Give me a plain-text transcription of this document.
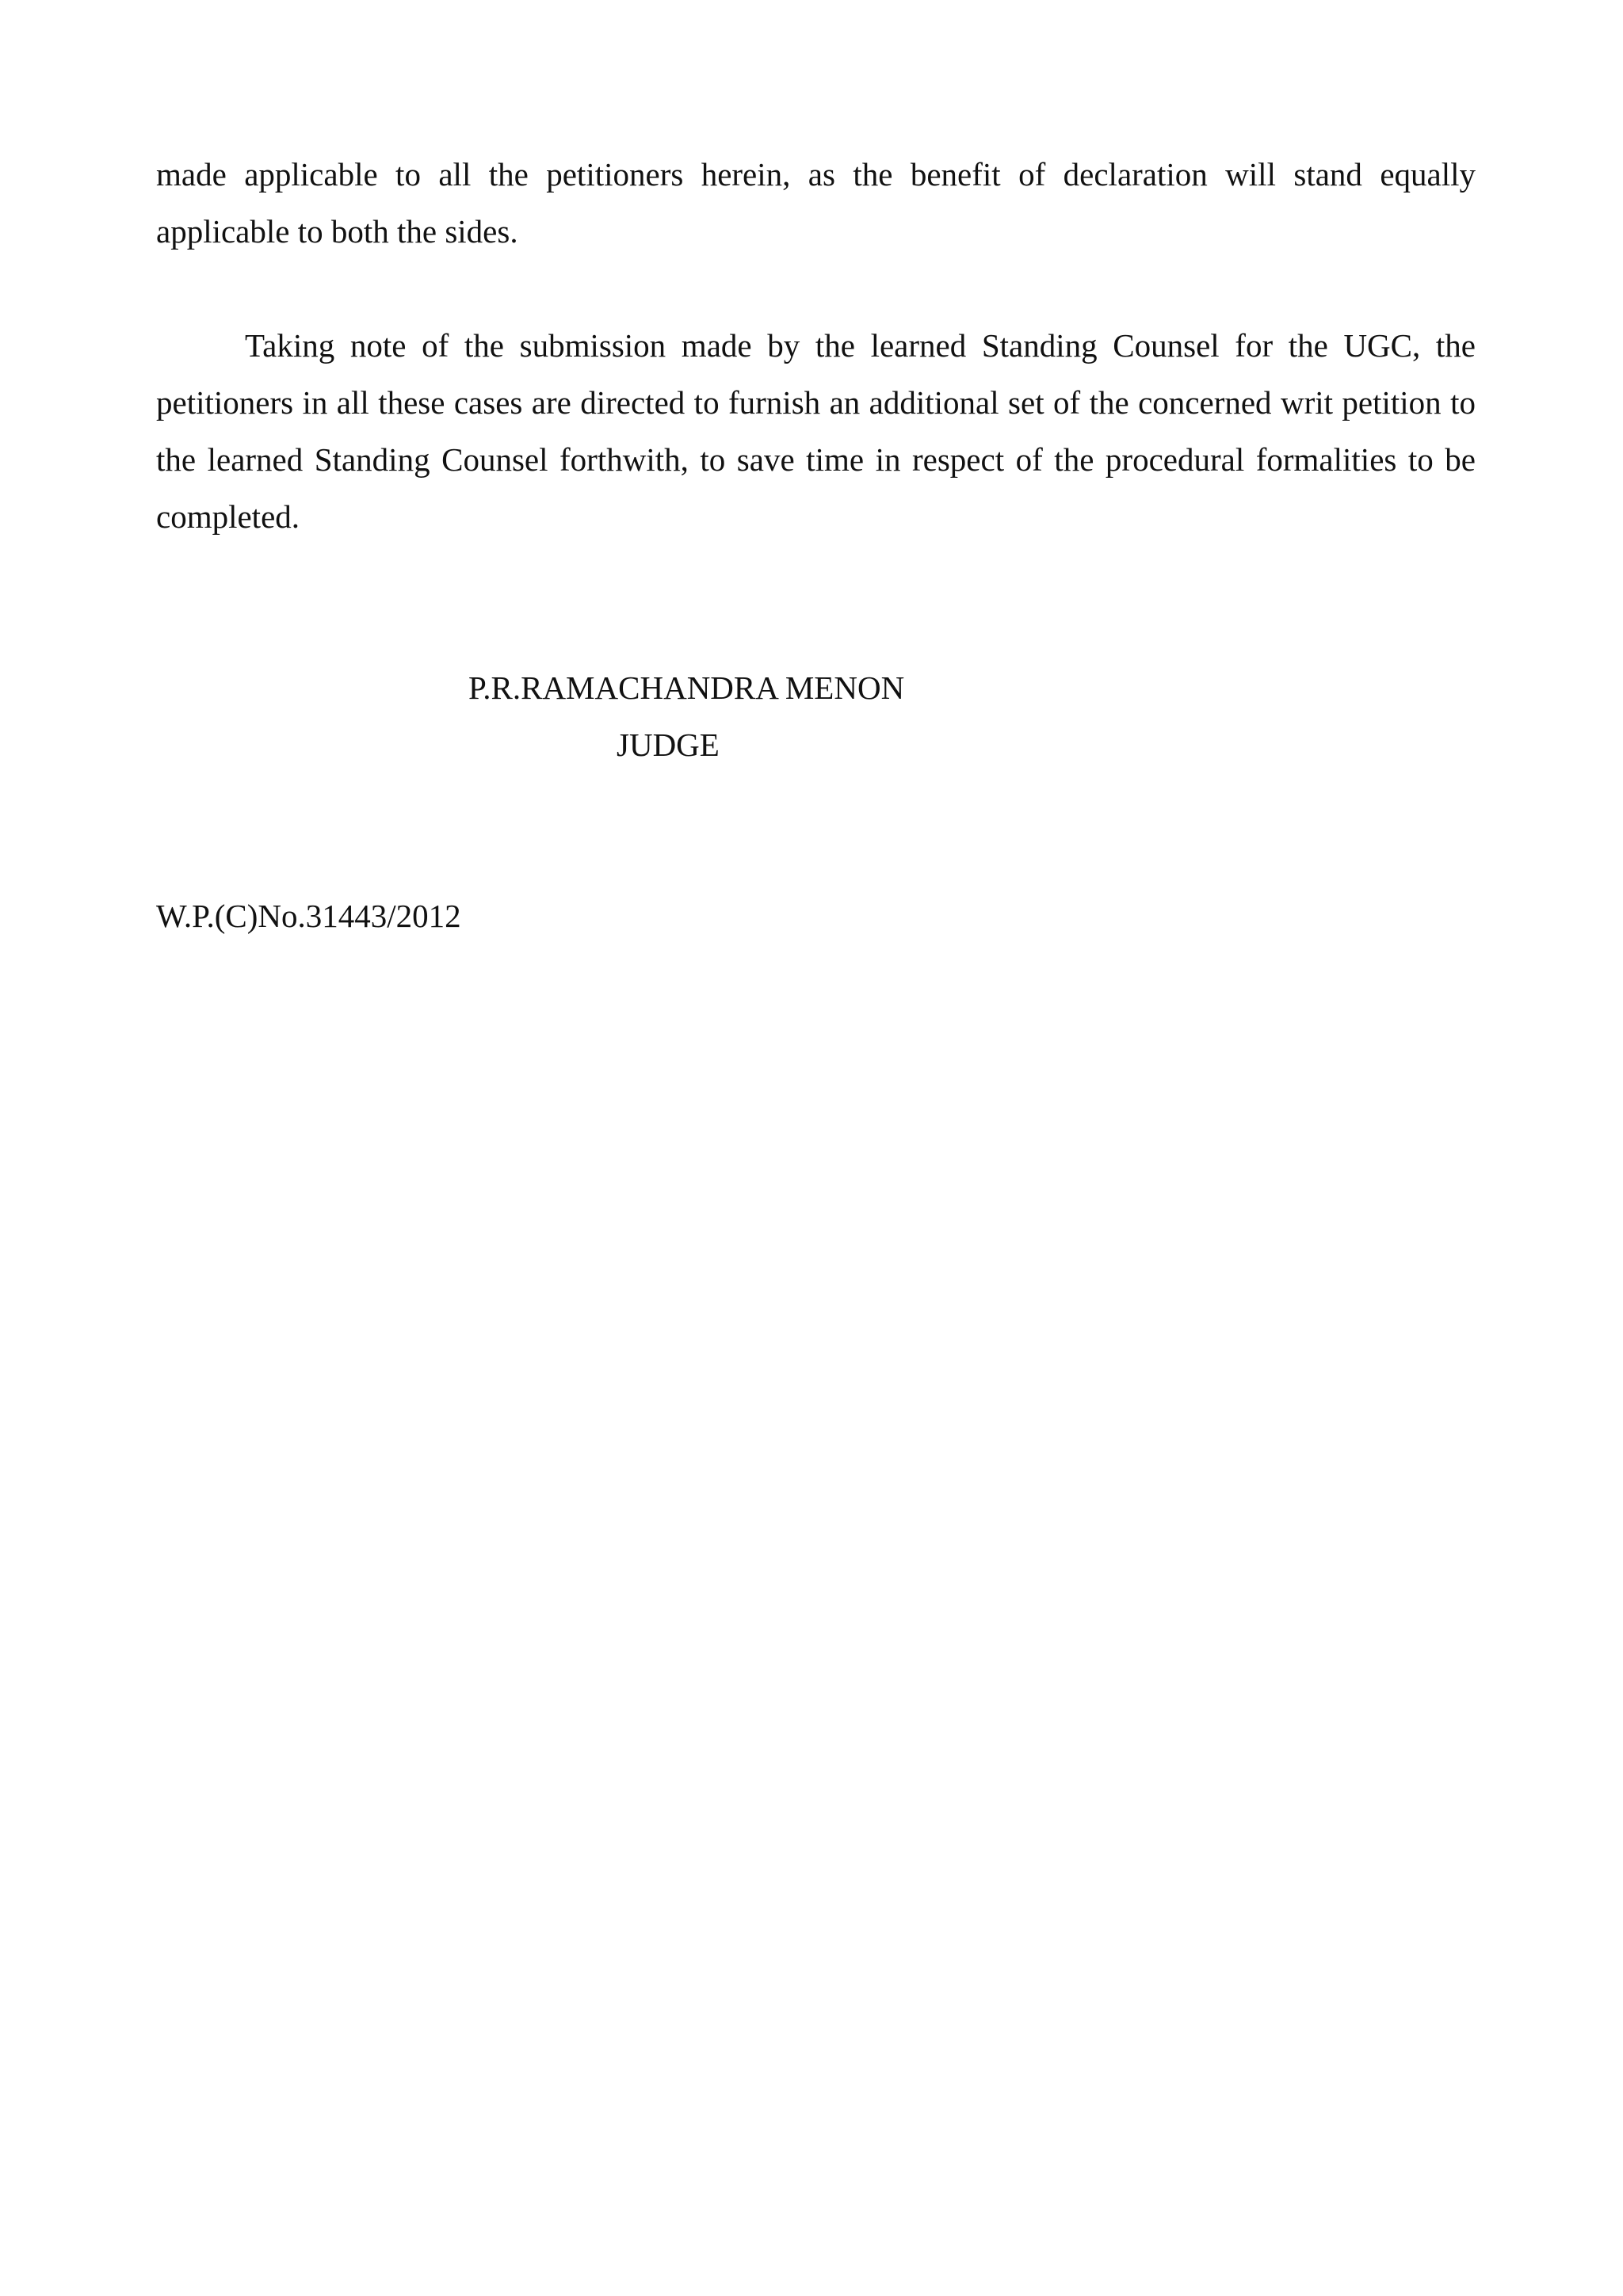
made applicable to all the petitioners herein, as the benefit of declaration will stand equally applicable to both the sides.

Taking note of the submission made by the learned Standing Counsel for the UGC, the petitioners in all these cases are directed to furnish an additional set of the concerned writ petition to the learned Standing Counsel forthwith, to save time in respect of the procedural formalities to be completed.

P.R.RAMACHANDRA MENON
JUDGE
W.P.(C)No.31443/2012
